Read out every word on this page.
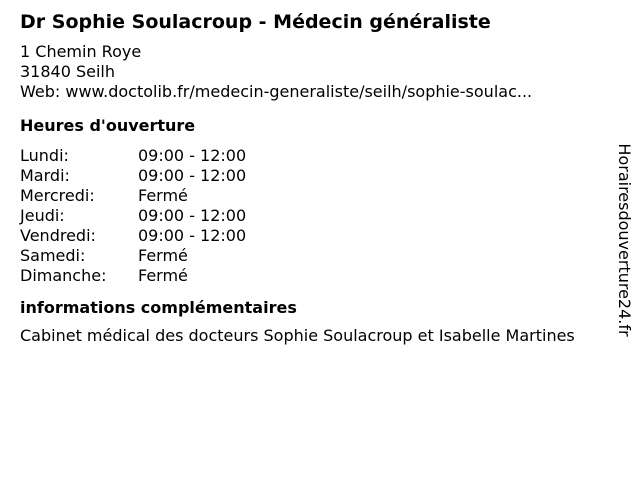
Dr Sophie Soulacroup - Médecin généraliste
1 Chemin Roye
31840 Seilh
Web: www.doctolib.fr/medecin-generaliste/seilh/sophie-soulac...
Heures d'ouverture
Lundi:	09:00 - 12:00
Mardi:	09:00 - 12:00
Mercredi:	Fermé
Jeudi:	09:00 - 12:00
Vendredi:	09:00 - 12:00
Samedi:	Fermé
Dimanche:	Fermé
informations complémentaires
Cabinet médical des docteurs Sophie Soulacroup et Isabelle Martines	Horairesdouverture24.fr
